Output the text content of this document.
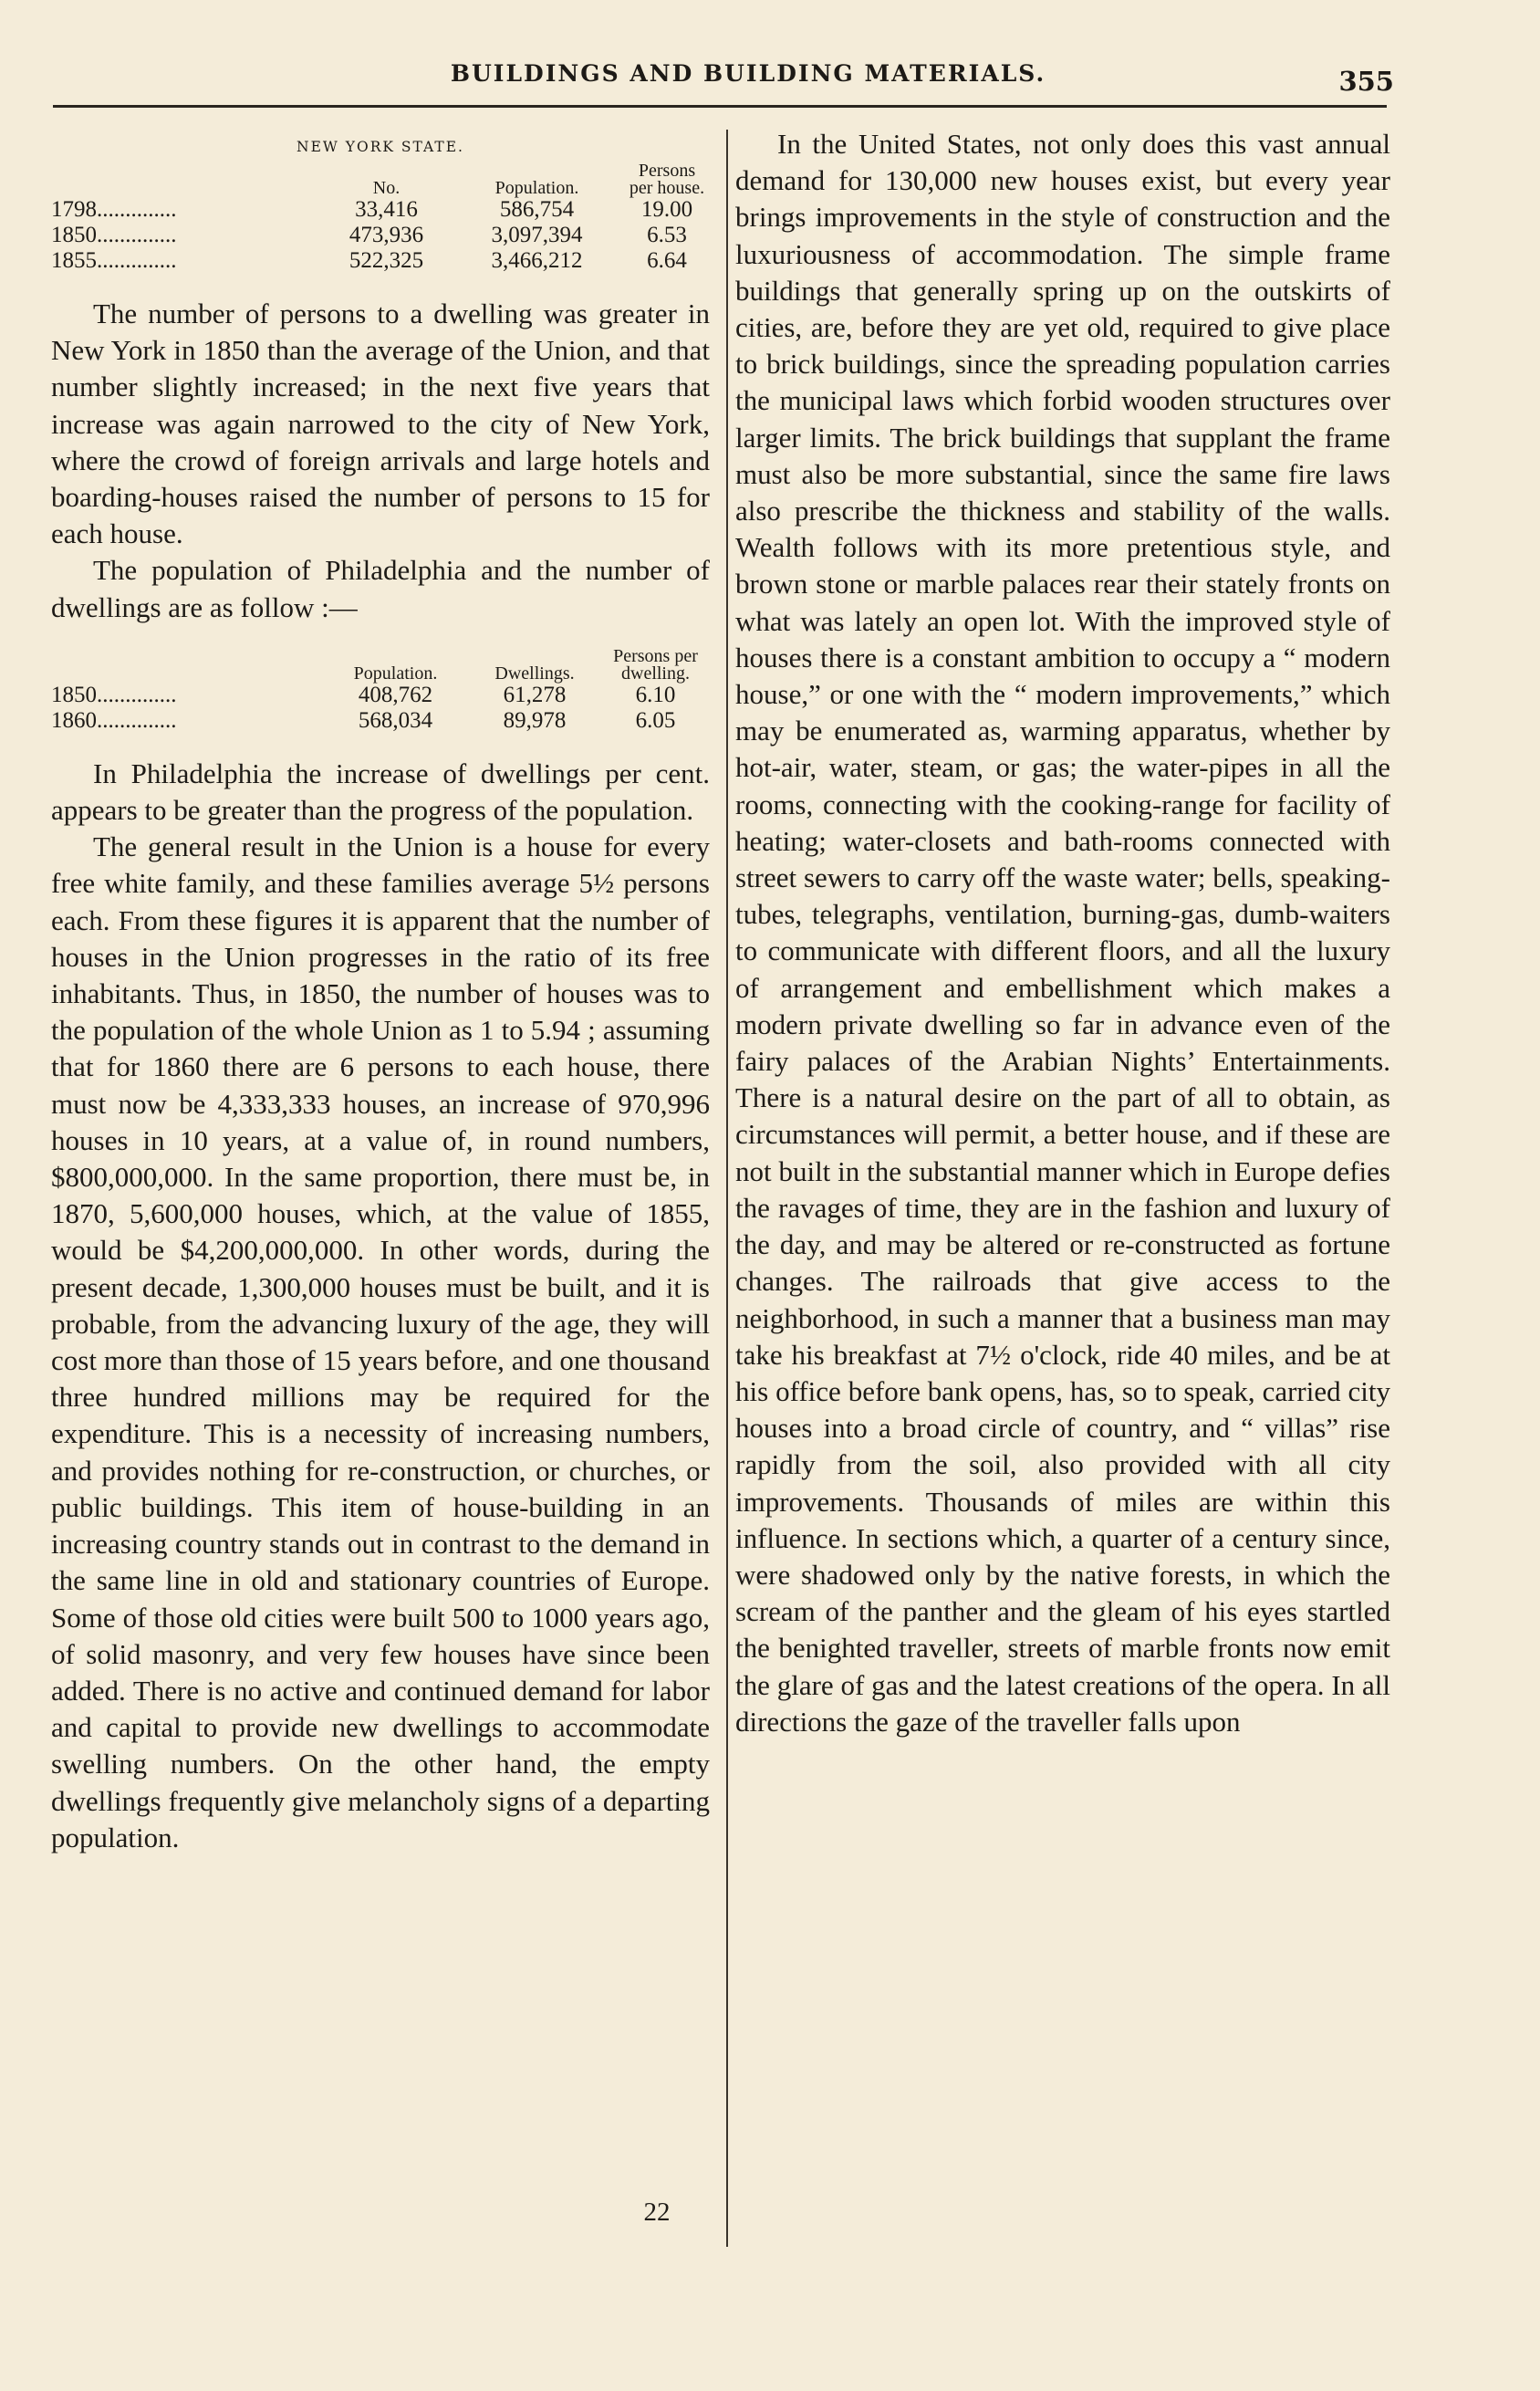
BUILDINGS AND BUILDING MATERIALS.	355
NEW YORK STATE.
	No.	Population.	Persons per house.
1798..............	33,416	586,754	19.00
1850..............	473,936	3,097,394	6.53
1855..............	522,325	3,466,212	6.64

The number of persons to a dwelling was greater in New York in 1850 than the average of the Union, and that number slightly increased; in the next five years that increase was again narrowed to the city of New York, where the crowd of foreign arrivals and large hotels and boarding-houses raised the number of persons to 15 for each house.

The population of Philadelphia and the number of dwellings are as follow :—

	Population.	Dwellings.	Persons per dwelling.
1850..............	408,762	61,278	6.10
1860..............	568,034	89,978	6.05

In Philadelphia the increase of dwellings per cent. appears to be greater than the progress of the population.

The general result in the Union is a house for every free white family, and these families average 5½ persons each. From these figures it is apparent that the number of houses in the Union progresses in the ratio of its free inhabitants. Thus, in 1850, the number of houses was to the population of the whole Union as 1 to 5.94 ; assuming that for 1860 there are 6 persons to each house, there must now be 4,333,333 houses, an increase of 970,996 houses in 10 years, at a value of, in round numbers, $800,000,000. In the same proportion, there must be, in 1870, 5,600,000 houses, which, at the value of 1855, would be $4,200,000,000. In other words, during the present decade, 1,300,000 houses must be built, and it is probable, from the advancing luxury of the age, they will cost more than those of 15 years before, and one thousand three hundred millions may be required for the expenditure. This is a necessity of increasing numbers, and provides nothing for re-construction, or churches, or public buildings. This item of house-building in an increasing country stands out in contrast to the demand in the same line in old and stationary countries of Europe. Some of those old cities were built 500 to 1000 years ago, of solid masonry, and very few houses have since been added. There is no active and continued demand for labor and capital to provide new dwellings to accommodate swelling numbers. On the other hand, the empty dwellings frequently give melancholy signs of a departing population.

In the United States, not only does this vast annual demand for 130,000 new houses exist, but every year brings improvements in the style of construction and the luxuriousness of accommodation. The simple frame buildings that generally spring up on the outskirts of cities, are, before they are yet old, required to give place to brick buildings, since the spreading population carries the municipal laws which forbid wooden structures over larger limits. The brick buildings that supplant the frame must also be more substantial, since the same fire laws also prescribe the thickness and stability of the walls. Wealth follows with its more pretentious style, and brown stone or marble palaces rear their stately fronts on what was lately an open lot. With the improved style of houses there is a constant ambition to occupy a “ modern house,” or one with the “ modern improvements,” which may be enumerated as, warming apparatus, whether by hot-air, water, steam, or gas; the water-pipes in all the rooms, connecting with the cooking-range for facility of heating; water-closets and bath-rooms connected with street sewers to carry off the waste water; bells, speaking-tubes, telegraphs, ventilation, burning-gas, dumb-waiters to communicate with different floors, and all the luxury of arrangement and embellishment which makes a modern private dwelling so far in advance even of the fairy palaces of the Arabian Nights’ Entertainments. There is a natural desire on the part of all to obtain, as circumstances will permit, a better house, and if these are not built in the substantial manner which in Europe defies the ravages of time, they are in the fashion and luxury of the day, and may be altered or re-constructed as fortune changes. The railroads that give access to the neighborhood, in such a manner that a business man may take his breakfast at 7½ o'clock, ride 40 miles, and be at his office before bank opens, has, so to speak, carried city houses into a broad circle of country, and “ villas” rise rapidly from the soil, also provided with all city improvements. Thousands of miles are within this influence. In sections which, a quarter of a century since, were shadowed only by the native forests, in which the scream of the panther and the gleam of his eyes startled the benighted traveller, streets of marble fronts now emit the glare of gas and the latest creations of the opera. In all directions the gaze of the traveller falls upon

22
